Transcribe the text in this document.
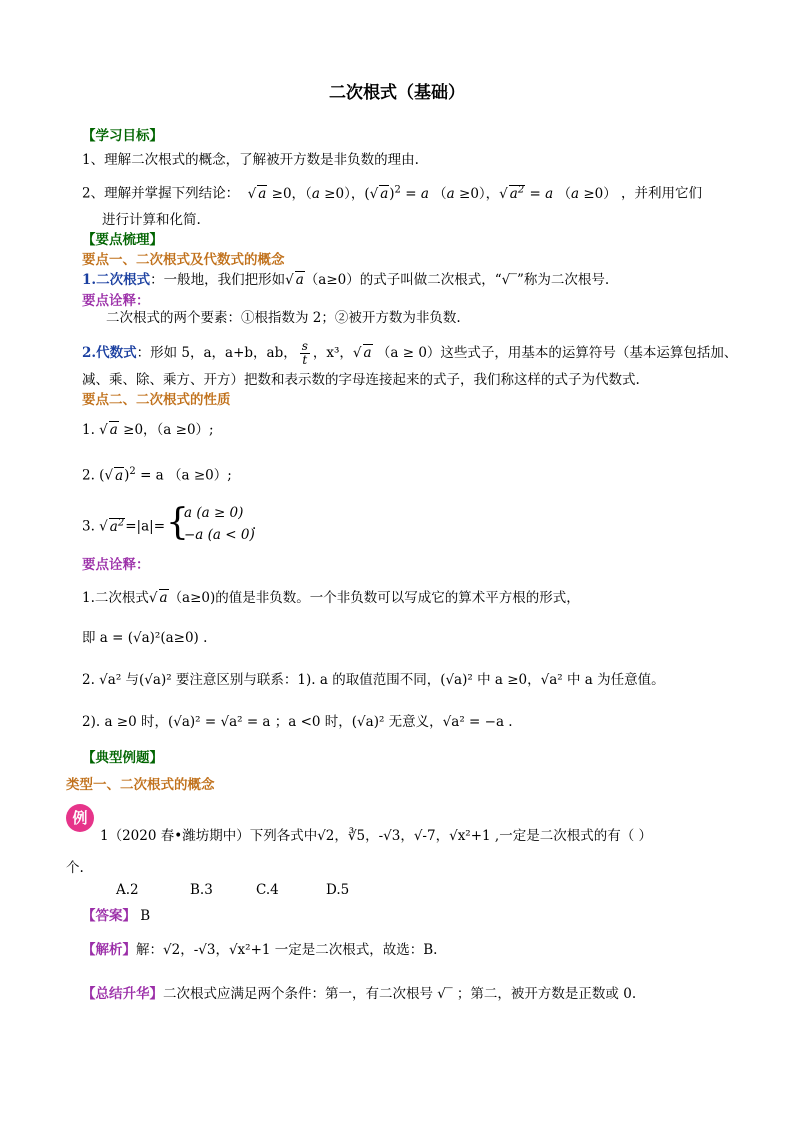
二次根式（基础）
【学习目标】
1、理解二次根式的概念，了解被开方数是非负数的理由.
2、理解并掌握下列结论：  √ a ≥0，（a ≥0），(√ a)$^2$ = a （a ≥0），√ $a^2 = a$ （a ≥0） ，并利用它们
进行计算和化简.
【要点梳理】
要点一、二次根式及代数式的概念
1.二次根式：一般地，我们把形如√ a（a≥0）的式子叫做二次根式，“√‾”称为二次根号.
要点诠释：
二次根式的两个要素：①根指数为 2；②被开方数为非负数.
2.代数式：形如 5，a，a+b，ab， $\frac{s}{t}$ ，x³，√ a （a ≥ 0）这些式子，用基本的运算符号（基本运算包括加、
减、乘、除、乘方、开方）把数和表示数的字母连接起来的式子，我们称这样的式子为代数式.
要点二、二次根式的性质
1. √ a ≥0，（a ≥0）;
2. (√ a)$^2$ = a （a ≥0）;
3. √ $a^2=|a|=$ {
a (a ≥ 0)
−a (a < 0)
.
要点诠释：
1.二次根式√ a（a≥0)的值是非负数。一个非负数可以写成它的算术平方根的形式，
即 a = (√a)²(a≥0) .
2. √a² 与(√a)² 要注意区别与联系：1). a 的取值范围不同，(√a)² 中 a ≥0，√a² 中 a 为任意值。
2). a ≥0 时，(√a)² = √a² = a ；a <0 时，(√a)² 无意义，√a² = −a .
【典型例题】
类型一、二次根式的概念
例
1（2020 春•潍坊期中）下列各式中√2，∛5，-√3，√-7，√x²+1 ,一定是二次根式的有（ ）
个.
A.2	B.3	C.4	D.5
【答案】 B
【解析】解：√2，-√3，√x²+1 一定是二次根式，故选：B.
【总结升华】二次根式应满足两个条件：第一，有二次根号 √‾ ；第二，被开方数是正数或 0.
